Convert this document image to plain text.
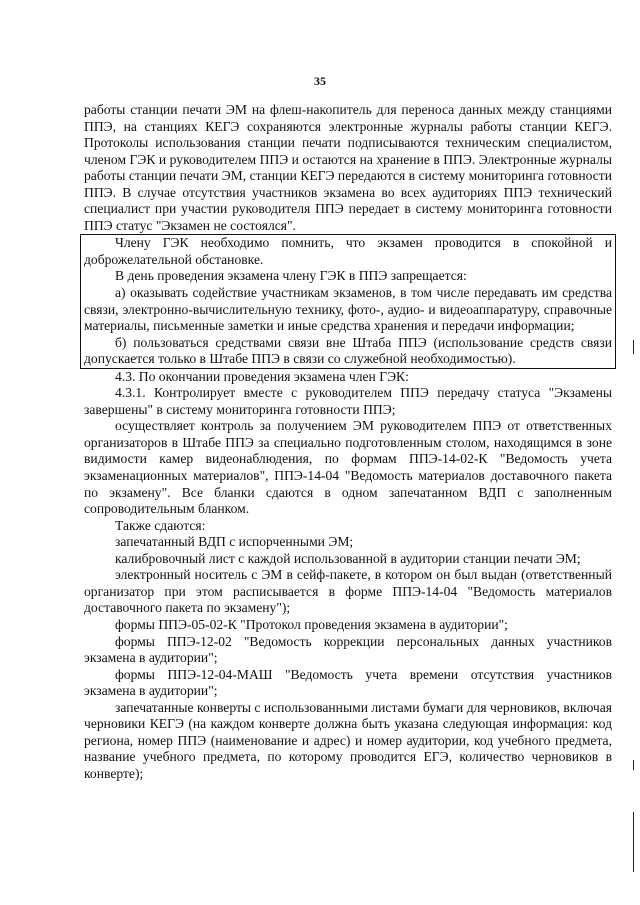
35

работы станции печати ЭМ на флеш-накопитель для переноса данных между станциями ППЭ, на станциях КЕГЭ сохраняются электронные журналы работы станции КЕГЭ. Протоколы использования станции печати подписываются техническим специалистом, членом ГЭК и руководителем ППЭ и остаются на хранение в ППЭ. Электронные журналы работы станции печати ЭМ, станции КЕГЭ передаются в систему мониторинга готовности ППЭ. В случае отсутствия участников экзамена во всех аудиториях ППЭ технический специалист при участии руководителя ППЭ передает в систему мониторинга готовности ППЭ статус "Экзамен не состоялся".

Члену ГЭК необходимо помнить, что экзамен проводится в спокойной и доброжелательной обстановке.

В день проведения экзамена члену ГЭК в ППЭ запрещается:

а) оказывать содействие участникам экзаменов, в том числе передавать им средства связи, электронно-вычислительную технику, фото-, аудио- и видеоаппаратуру, справочные материалы, письменные заметки и иные средства хранения и передачи информации;

б) пользоваться средствами связи вне Штаба ППЭ (использование средств связи допускается только в Штабе ППЭ в связи со служебной необходимостью).

4.3. По окончании проведения экзамена член ГЭК:

4.3.1. Контролирует вместе с руководителем ППЭ передачу статуса "Экзамены завершены" в систему мониторинга готовности ППЭ;

осуществляет контроль за получением ЭМ руководителем ППЭ от ответственных организаторов в Штабе ППЭ за специально подготовленным столом, находящимся в зоне видимости камер видеонаблюдения, по формам ППЭ-14-02-К "Ведомость учета экзаменационных материалов", ППЭ-14-04 "Ведомость материалов доставочного пакета по экзамену". Все бланки сдаются в одном запечатанном ВДП с заполненным сопроводительным бланком.

Также сдаются:

запечатанный ВДП с испорченными ЭМ;

калибровочный лист с каждой использованной в аудитории станции печати ЭМ;

электронный носитель с ЭМ в сейф-пакете, в котором он был выдан (ответственный организатор при этом расписывается в форме ППЭ-14-04 "Ведомость материалов доставочного пакета по экзамену");

формы ППЭ-05-02-К "Протокол проведения экзамена в аудитории";

формы ППЭ-12-02 "Ведомость коррекции персональных данных участников экзамена в аудитории";

формы ППЭ-12-04-МАШ "Ведомость учета времени отсутствия участников экзамена в аудитории";

запечатанные конверты с использованными листами бумаги для черновиков, включая черновики КЕГЭ (на каждом конверте должна быть указана следующая информация: код региона, номер ППЭ (наименование и адрес) и номер аудитории, код учебного предмета, название учебного предмета, по которому проводится ЕГЭ, количество черновиков в конверте);
